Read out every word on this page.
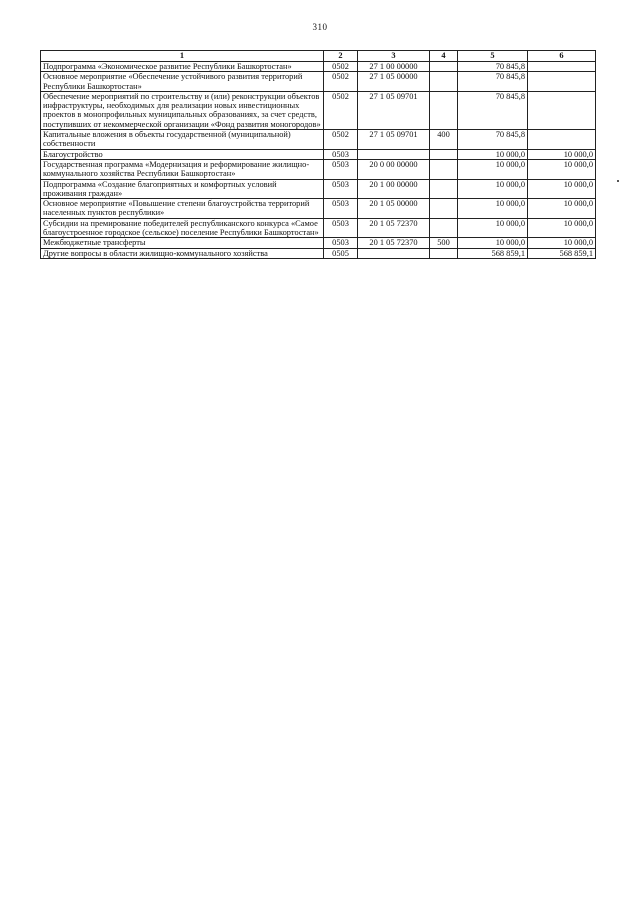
310
1	2	3	4	5	6
Подпрограмма «Экономическое развитие Республики Башкортостан»	0502	27 1 00 00000		70 845,8	
Основное мероприятие «Обеспечение устойчивого развития территорий Республики Башкортостан»	0502	27 1 05 00000		70 845,8	
Обеспечение мероприятий по строительству и (или) реконструкции объектов инфраструктуры, необходимых для реализации новых инвестиционных проектов в монопрофильных муниципальных образованиях, за счет средств, поступивших от некоммерческой организации «Фонд развития моногородов»	0502	27 1 05 09701		70 845,8	
Капитальные вложения в объекты государственной (муниципальной) собственности	0502	27 1 05 09701	400	70 845,8	
Благоустройство	0503			10 000,0	10 000,0
Государственная программа «Модернизация и реформирование жилищно-коммунального хозяйства Республики Башкортостан»	0503	20 0 00 00000		10 000,0	10 000,0
Подпрограмма «Создание благоприятных и комфортных условий проживания граждан»	0503	20 1 00 00000		10 000,0	10 000,0
Основное мероприятие «Повышение степени благоустройства территорий населенных пунктов республики»	0503	20 1 05 00000		10 000,0	10 000,0
Субсидии на премирование победителей республиканского конкурса «Самое благоустроенное городское (сельское) поселение Республики Башкортостан»	0503	20 1 05 72370		10 000,0	10 000,0
Межбюджетные трансферты	0503	20 1 05 72370	500	10 000,0	10 000,0
Другие вопросы в области жилищно-коммунального хозяйства	0505			568 859,1	568 859,1
